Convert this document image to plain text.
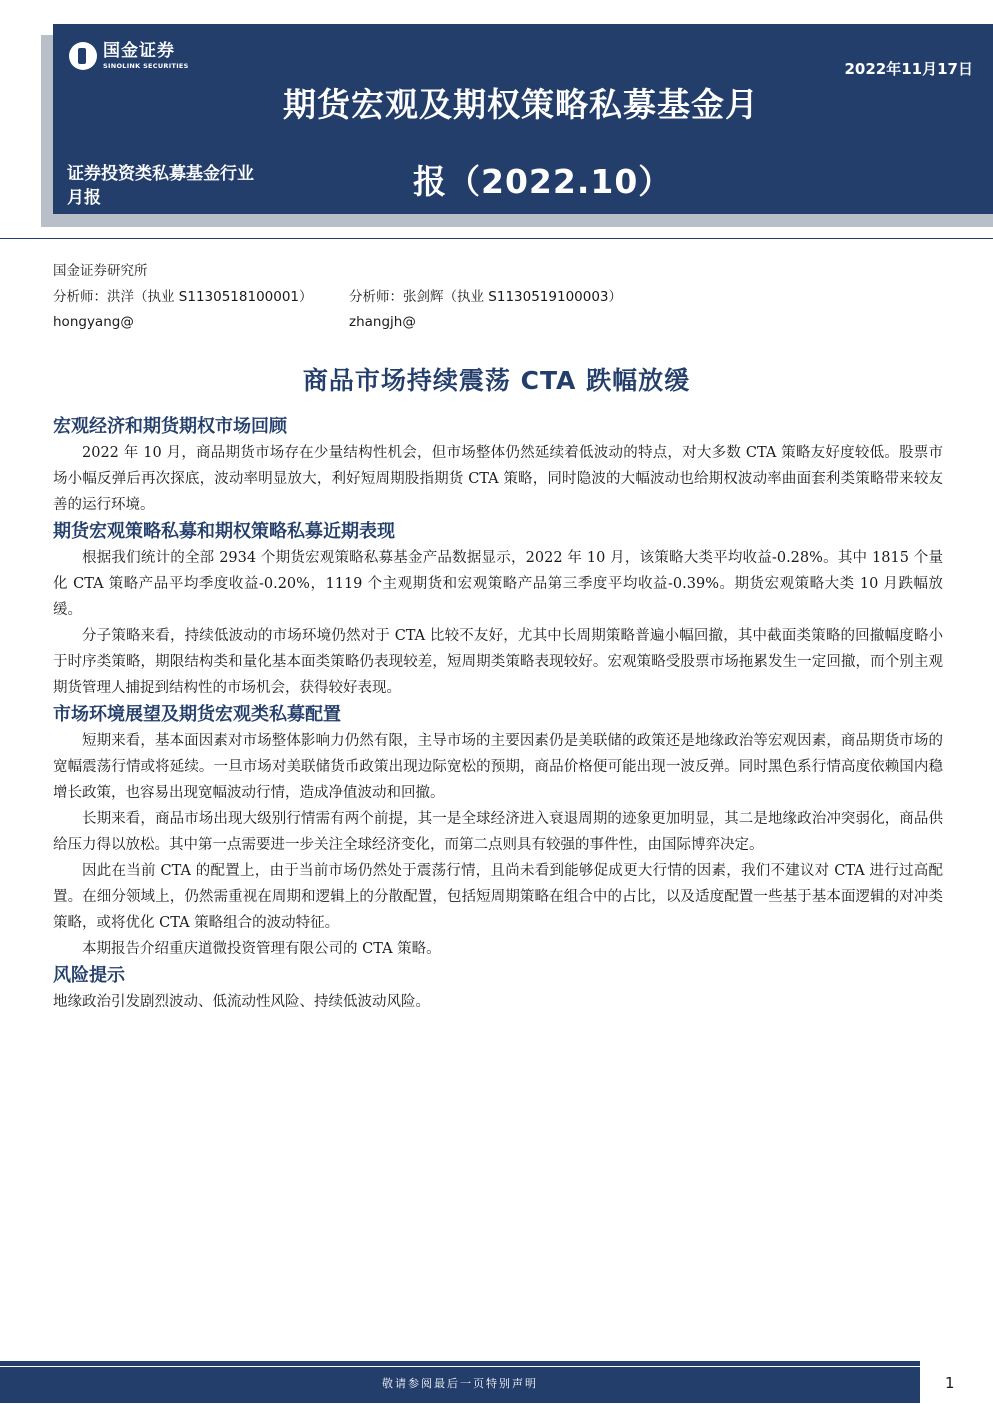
国金证券
SINOLINK SECURITIES	2022年11月17日
期货宏观及期权策略私募基金月
报（2022.10）
证券投资类私募基金行业月报
国金证券研究所
分析师：洪洋（执业 S1130518100001）	分析师：张剑辉（执业 S1130519100003）
hongyang@	zhangjh@
商品市场持续震荡 CTA 跌幅放缓
宏观经济和期货期权市场回顾

2022 年 10 月，商品期货市场存在少量结构性机会，但市场整体仍然延续着低波动的特点，对大多数 CTA 策略友好度较低。股票市场小幅反弹后再次探底，波动率明显放大，利好短周期股指期货 CTA 策略，同时隐波的大幅波动也给期权波动率曲面套利类策略带来较友善的运行环境。

期货宏观策略私募和期权策略私募近期表现

根据我们统计的全部 2934 个期货宏观策略私募基金产品数据显示，2022 年 10 月，该策略大类平均收益-0.28%。其中 1815 个量化 CTA 策略产品平均季度收益-0.20%，1119 个主观期货和宏观策略产品第三季度平均收益-0.39%。期货宏观策略大类 10 月跌幅放缓。

分子策略来看，持续低波动的市场环境仍然对于 CTA 比较不友好，尤其中长周期策略普遍小幅回撤，其中截面类策略的回撤幅度略小于时序类策略，期限结构类和量化基本面类策略仍表现较差，短周期类策略表现较好。宏观策略受股票市场拖累发生一定回撤，而个别主观期货管理人捕捉到结构性的市场机会，获得较好表现。

市场环境展望及期货宏观类私募配置

短期来看，基本面因素对市场整体影响力仍然有限，主导市场的主要因素仍是美联储的政策还是地缘政治等宏观因素，商品期货市场的宽幅震荡行情或将延续。一旦市场对美联储货币政策出现边际宽松的预期，商品价格便可能出现一波反弹。同时黑色系行情高度依赖国内稳增长政策，也容易出现宽幅波动行情，造成净值波动和回撤。

长期来看，商品市场出现大级别行情需有两个前提，其一是全球经济进入衰退周期的迹象更加明显，其二是地缘政治冲突弱化，商品供给压力得以放松。其中第一点需要进一步关注全球经济变化，而第二点则具有较强的事件性，由国际博弈决定。

因此在当前 CTA 的配置上，由于当前市场仍然处于震荡行情，且尚未看到能够促成更大行情的因素，我们不建议对 CTA 进行过高配置。在细分领域上，仍然需重视在周期和逻辑上的分散配置，包括短周期策略在组合中的占比，以及适度配置一些基于基本面逻辑的对冲类策略，或将优化 CTA 策略组合的波动特征。

本期报告介绍重庆道微投资管理有限公司的 CTA 策略。

风险提示

地缘政治引发剧烈波动、低流动性风险、持续低波动风险。

敬请参阅最后一页特别声明	1
